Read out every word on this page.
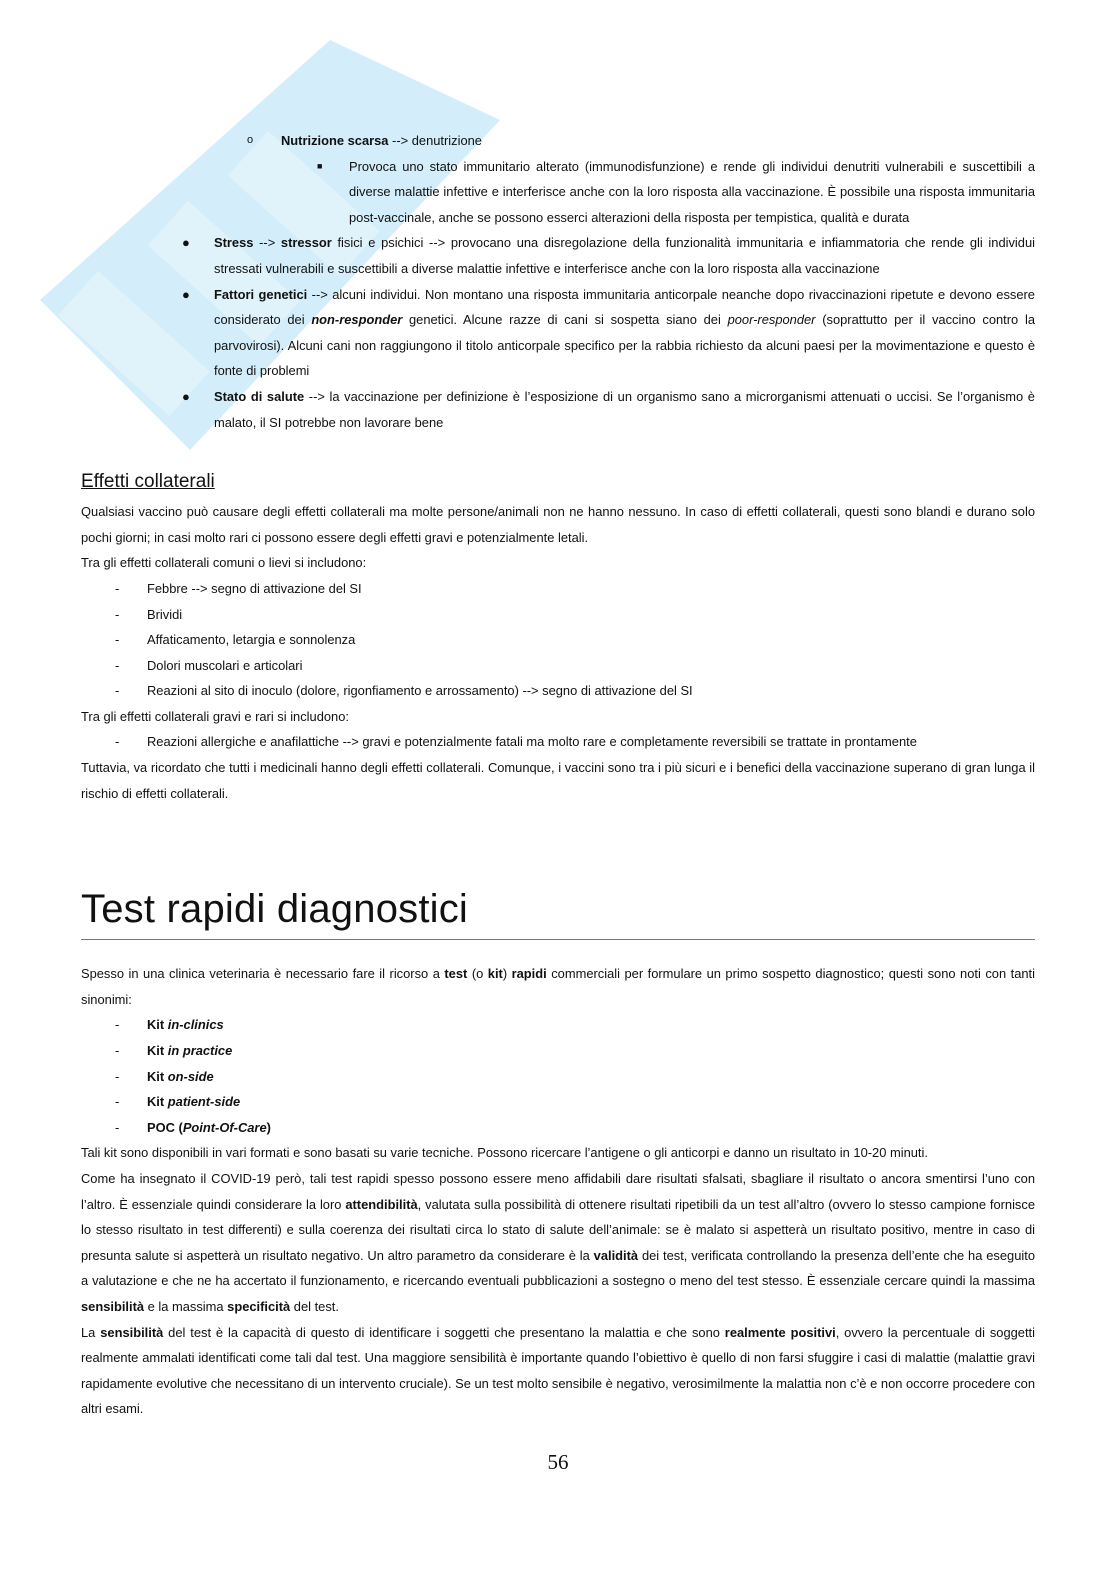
o Nutrizione scarsa --> denutrizione

■ Provoca uno stato immunitario alterato (immunodisfunzione) e rende gli individui denutriti vulnerabili e suscettibili a diverse malattie infettive e interferisce anche con la loro risposta alla vaccinazione. È possibile una risposta immunitaria post-vaccinale, anche se possono esserci alterazioni della risposta per tempistica, qualità e durata

● Stress --> stressor fisici e psichici --> provocano una disregolazione della funzionalità immunitaria e infiammatoria che rende gli individui stressati vulnerabili e suscettibili a diverse malattie infettive e interferisce anche con la loro risposta alla vaccinazione

● Fattori genetici --> alcuni individui. Non montano una risposta immunitaria anticorpale neanche dopo rivaccinazioni ripetute e devono essere considerato dei non-responder genetici. Alcune razze di cani si sospetta siano dei poor-responder (soprattutto per il vaccino contro la parvovirosi). Alcuni cani non raggiungono il titolo anticorpale specifico per la rabbia richiesto da alcuni paesi per la movimentazione e questo è fonte di problemi

● Stato di salute --> la vaccinazione per definizione è l’esposizione di un organismo sano a microrganismi attenuati o uccisi. Se l’organismo è malato, il SI potrebbe non lavorare bene

Effetti collaterali

Qualsiasi vaccino può causare degli effetti collaterali ma molte persone/animali non ne hanno nessuno. In caso di effetti collaterali, questi sono blandi e durano solo pochi giorni; in casi molto rari ci possono essere degli effetti gravi e potenzialmente letali.

Tra gli effetti collaterali comuni o lievi si includono:

- Febbre --> segno di attivazione del SI

- Brividi

- Affaticamento, letargia e sonnolenza

- Dolori muscolari e articolari

- Reazioni al sito di inoculo (dolore, rigonfiamento e arrossamento) --> segno di attivazione del SI

Tra gli effetti collaterali gravi e rari si includono:

- Reazioni allergiche e anafilattiche --> gravi e potenzialmente fatali ma molto rare e completamente reversibili se trattate in prontamente

Tuttavia, va ricordato che tutti i medicinali hanno degli effetti collaterali. Comunque, i vaccini sono tra i più sicuri e i benefici della vaccinazione superano di gran lunga il rischio di effetti collaterali.

Test rapidi diagnostici

Spesso in una clinica veterinaria è necessario fare il ricorso a test (o kit) rapidi commerciali per formulare un primo sospetto diagnostico; questi sono noti con tanti sinonimi:

- Kit in-clinics

- Kit in practice

- Kit on-side

- Kit patient-side

- POC (Point-Of-Care)

Tali kit sono disponibili in vari formati e sono basati su varie tecniche. Possono ricercare l’antigene o gli anticorpi e danno un risultato in 10-20 minuti.

Come ha insegnato il COVID-19 però, tali test rapidi spesso possono essere meno affidabili dare risultati sfalsati, sbagliare il risultato o ancora smentirsi l’uno con l’altro. È essenziale quindi considerare la loro attendibilità, valutata sulla possibilità di ottenere risultati ripetibili da un test all’altro (ovvero lo stesso campione fornisce lo stesso risultato in test differenti) e sulla coerenza dei risultati circa lo stato di salute dell’animale: se è malato si aspetterà un risultato positivo, mentre in caso di presunta salute si aspetterà un risultato negativo. Un altro parametro da considerare è la validità dei test, verificata controllando la presenza dell’ente che ha eseguito a valutazione e che ne ha accertato il funzionamento, e ricercando eventuali pubblicazioni a sostegno o meno del test stesso. È essenziale cercare quindi la massima sensibilità e la massima specificità del test.

La sensibilità del test è la capacità di questo di identificare i soggetti che presentano la malattia e che sono realmente positivi, ovvero la percentuale di soggetti realmente ammalati identificati come tali dal test. Una maggiore sensibilità è importante quando l’obiettivo è quello di non farsi sfuggire i casi di malattie (malattie gravi rapidamente evolutive che necessitano di un intervento cruciale). Se un test molto sensibile è negativo, verosimilmente la malattia non c’è e non occorre procedere con altri esami.

56
